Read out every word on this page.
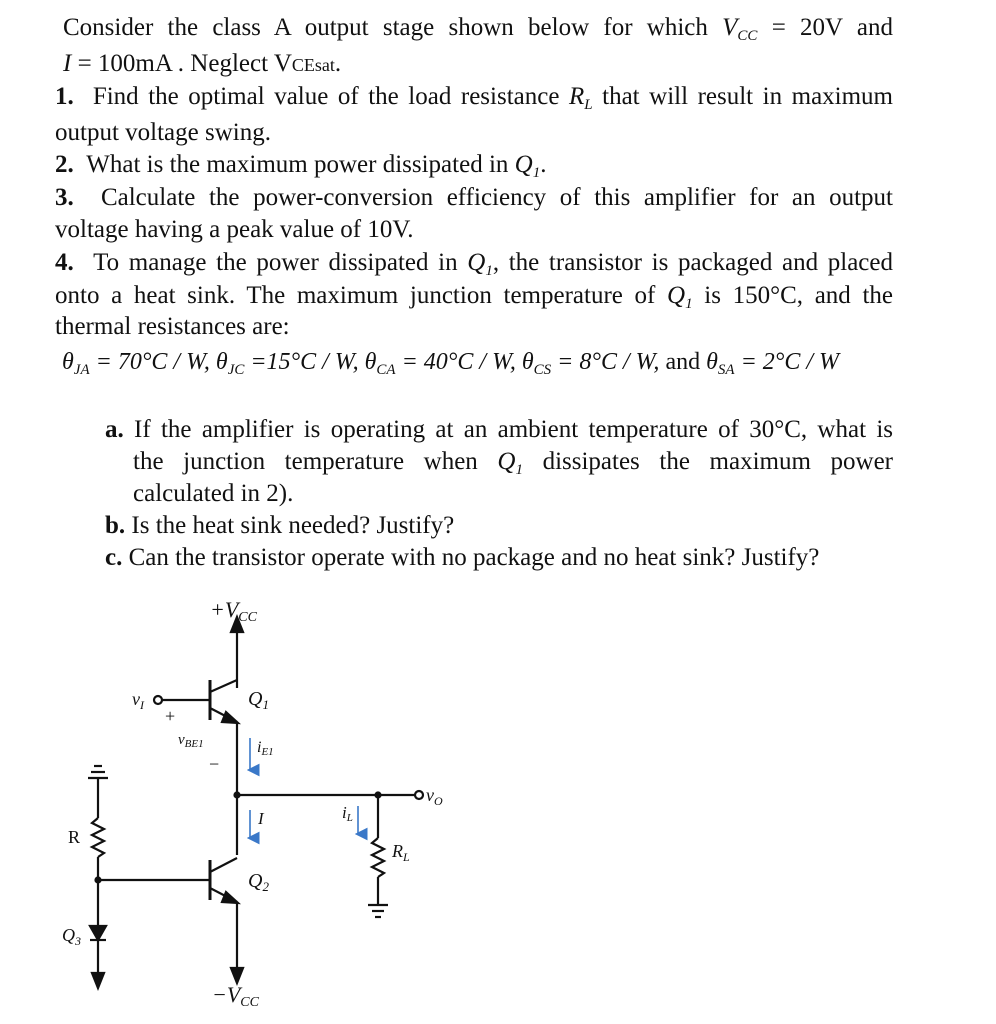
Consider the class A output stage shown below for which $V_{CC} = 20V$ and
I = 100mA . Neglect VCEsat.
1. Find the optimal value of the load resistance $R_L$ that will result in maximum
output voltage swing.
2. What is the maximum power dissipated in $Q_1$.
3. Calculate the power-conversion efficiency of this amplifier for an output
voltage having a peak value of 10V.
4. To manage the power dissipated in $Q_1$, the transistor is packaged and placed
onto a heat sink. The maximum junction temperature of $Q_1$ is 150°C, and the
thermal resistances are:
$\theta_{JA} = 70^\circ C / W$, $\theta_{JC} =15^\circ C / W$, $\theta_{CA} = 40^\circ C / W$, $\theta_{CS} = 8^\circ C / W$, and $\theta_{SA} = 2^\circ C / W$
a. If the amplifier is operating at an ambient temperature of 30°C, what is
the junction temperature when $Q_1$ dissipates the maximum power
calculated in 2).
b. Is the heat sink needed? Justify?
c. Can the transistor operate with no package and no heat sink? Justify?
+VCC
$Q_1$
$v_I$
+
$v_{BE1}$
−
iE1
I	iL
$R_L$
$v_O$
R
$Q_2$
$Q_3$
−VCC
